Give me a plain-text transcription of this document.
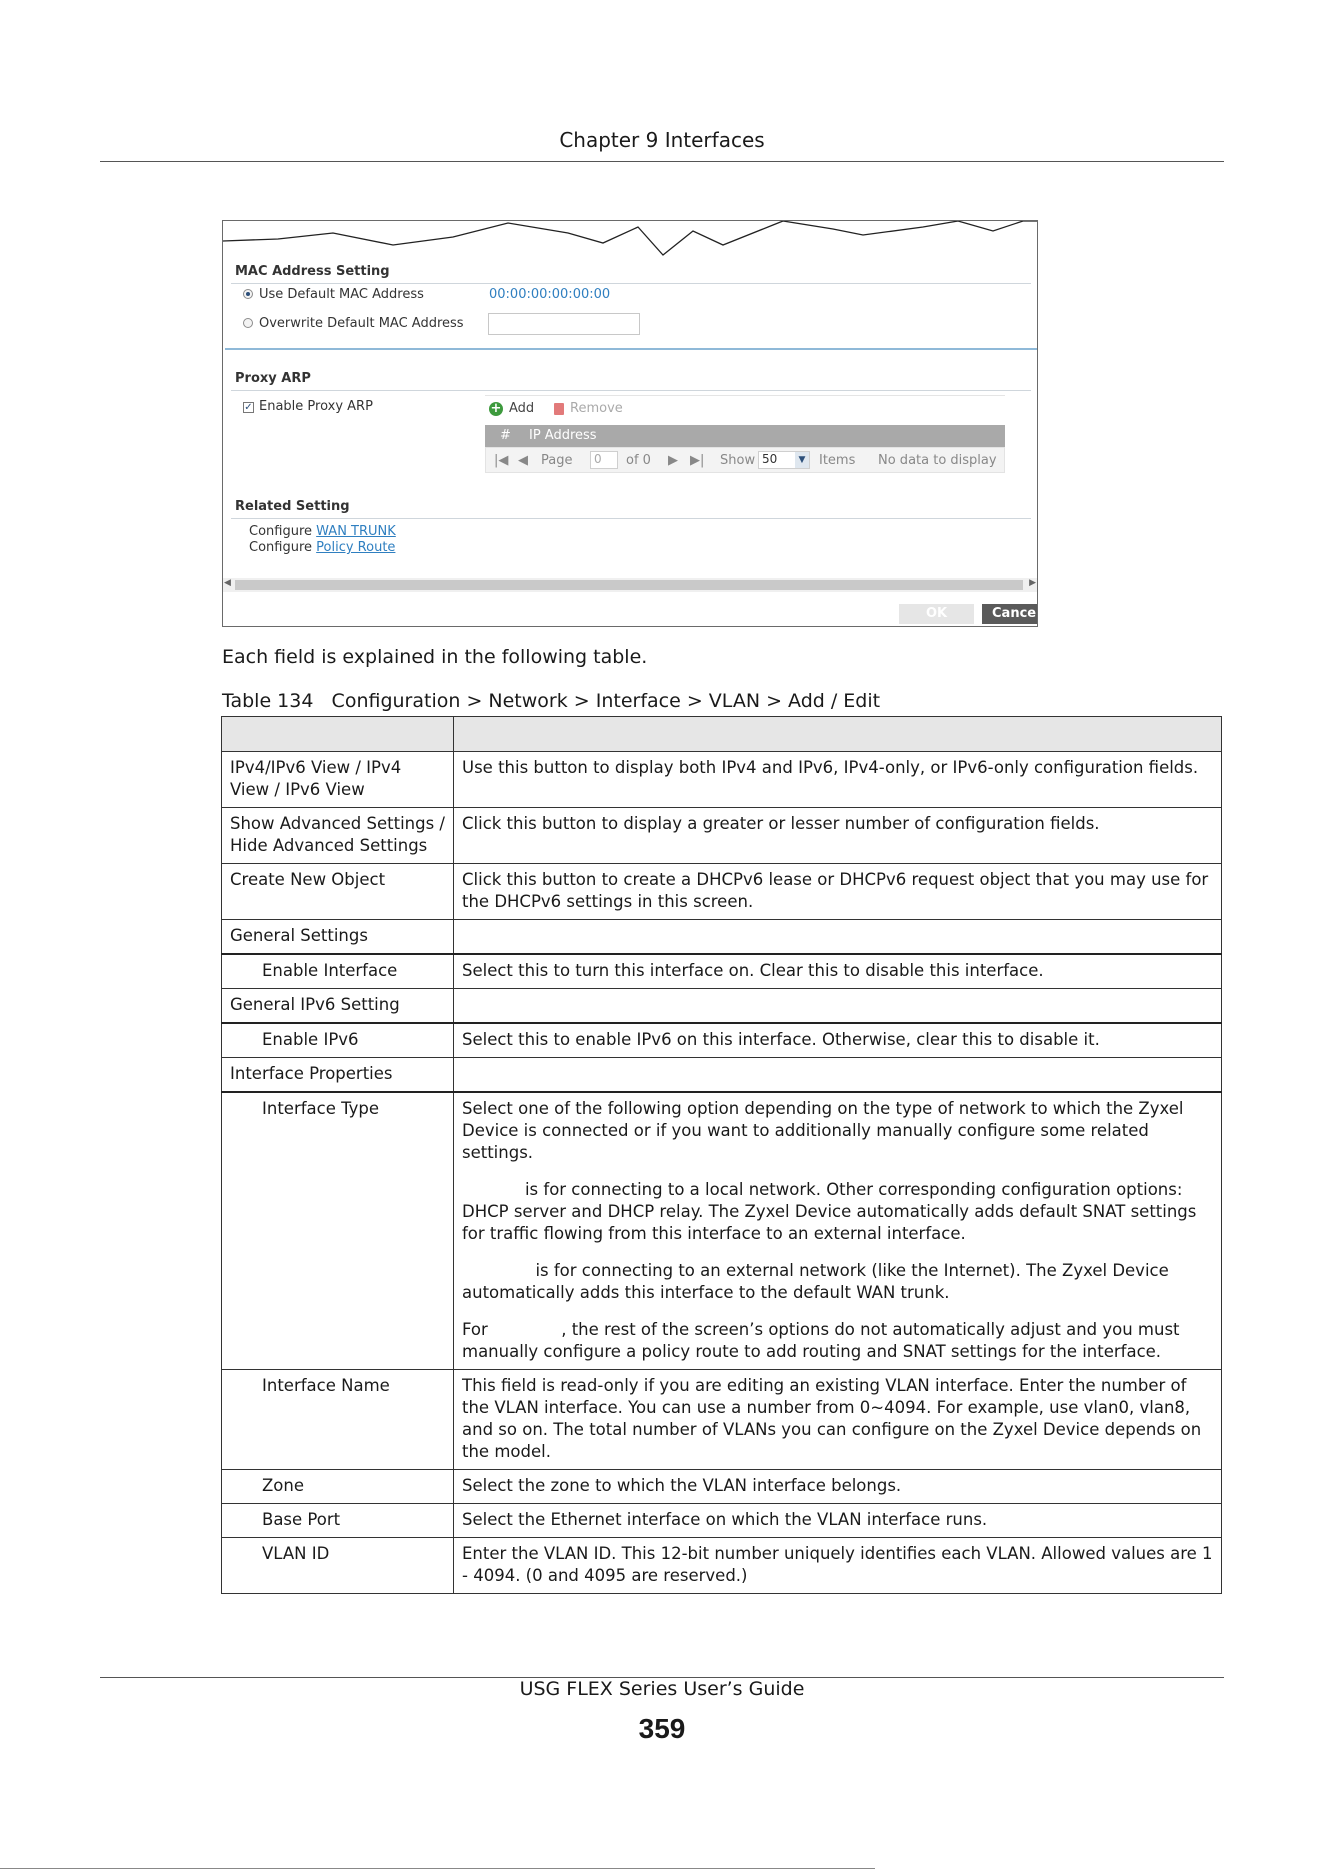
Chapter 9 Interfaces
MAC Address Setting
Use Default MAC Address	00:00:00:00:00:00
Overwrite Default MAC Address
Proxy ARP
✓ Enable Proxy ARP	+ Add	Remove
# IP Address
|◀ ◀ Page	0	of 0 ▶ ▶| Show 50	▼ Items No data to display
Related Setting
Configure WAN TRUNK
Configure Policy Route
◀	▶
OK	Cance
Each field is explained in the following table.
Table 134   Configuration > Network > Interface > VLAN > Add / Edit

IPv4/IPv6 View / IPv4 View / IPv6 View	Use this button to display both IPv4 and IPv6, IPv4-only, or IPv6-only configuration fields.
Show Advanced Settings / Hide Advanced Settings	Click this button to display a greater or lesser number of configuration fields.
Create New Object	Click this button to create a DHCPv6 lease or DHCPv6 request object that you may use for the DHCPv6 settings in this screen.
General Settings	
Enable Interface	Select this to turn this interface on. Clear this to disable this interface.
General IPv6 Setting	
Enable IPv6	Select this to enable IPv6 on this interface. Otherwise, clear this to disable it.
Interface Properties	
Interface Type	Select one of the following option depending on the type of network to which the Zyxel Device is connected or if you want to additionally manually configure some related settings.

is for connecting to a local network. Other corresponding configuration options: DHCP server and DHCP relay. The Zyxel Device automatically adds default SNAT settings for traffic flowing from this interface to an external interface.

is for connecting to an external network (like the Internet). The Zyxel Device automatically adds this interface to the default WAN trunk.

For              , the rest of the screen’s options do not automatically adjust and you must manually configure a policy route to add routing and SNAT settings for the interface.

Interface Name	This field is read-only if you are editing an existing VLAN interface. Enter the number of the VLAN interface. You can use a number from 0~4094. For example, use vlan0, vlan8, and so on. The total number of VLANs you can configure on the Zyxel Device depends on the model.
Zone	Select the zone to which the VLAN interface belongs.
Base Port	Select the Ethernet interface on which the VLAN interface runs.
VLAN ID	Enter the VLAN ID. This 12-bit number uniquely identifies each VLAN. Allowed values are 1 - 4094. (0 and 4095 are reserved.)
USG FLEX Series User’s Guide
359
